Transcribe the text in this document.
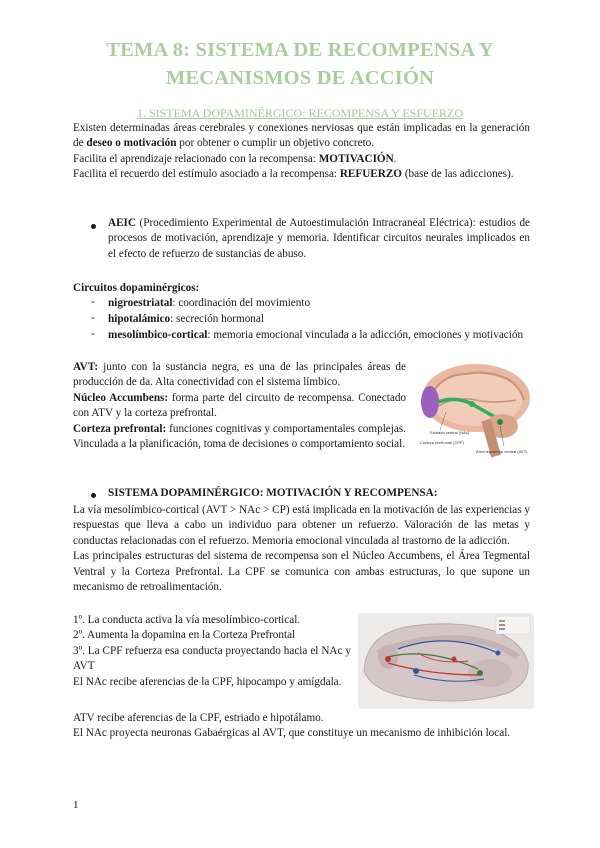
TEMA 8: SISTEMA DE RECOMPENSA Y
MECANISMOS DE ACCIÓN
1. SISTEMA DOPAMINÉRGICO: RECOMPENSA Y ESFUERZO

Existen determinadas áreas cerebrales y conexiones nerviosas que están implicadas en la generación de deseo o motivación por obtener o cumplir un objetivo concreto.

Facilita el aprendizaje relacionado con la recompensa: MOTIVACIÓN.

Facilita el recuerdo del estímulo asociado a la recompensa: REFUERZO (base de las adicciones).

AEIC (Procedimiento Experimental de Autoestimulación Intracraneal Eléctrica): estudios de procesos de motivación, aprendizaje y memoria. Identificar circuitos neurales implicados en el efecto de refuerzo de sustancias de abuso.

Circuitos dopaminérgicos:

- nigroestriatal: coordinación del movimiento

- hipotalámico: secreción hormonal

- mesolímbico-cortical: memoria emocional vinculada a la adicción, emociones y motivación

AVT: junto con la sustancia negra, es una de las principales áreas de producción de da. Alta conectividad con el sistema límbico.

Núcleo Accumbens: forma parte del circuito de recompensa. Conectado con ATV y la corteza prefrontal.

Corteza prefrontal: funciones cognitivas y comportamentales complejas. Vinculada a la planificación, toma de decisiones o comportamiento social.

Estriado ventral (NAc)
Corteza prefrontal (CPF)
Área tegmental ventral (AVT)
SISTEMA DOPAMINÉRGICO: MOTIVACIÓN Y RECOMPENSA:

La vía mesolímbico-cortical (AVT > NAc > CP) está implicada en la motivación de las experiencias y respuestas que lleva a cabo un individuo para obtener un refuerzo. Valoración de las metas y conductas relacionadas con el refuerzo. Memoria emocional vinculada al trastorno de la adicción.

Las principales estructuras del sistema de recompensa son el Núcleo Accumbens, el Área Tegmental Ventral y la Corteza Prefrontal. La CPF se comunica con ambas estructuras, lo que supone un mecanismo de retroalimentación.

1º. La conducta activa la vía mesolímbico-cortical.

2º. Aumenta la dopamina en la Corteza Prefrontal

3º. La CPF refuerza esa conducta proyectando hacia el NAc y AVT

El NAc recibe aferencias de la CPF, hipocampo y amígdala.

ATV recibe aferencias de la CPF, estriado e hipotálamo.

El NAc proyecta neuronas Gabaérgicas al AVT, que constituye un mecanismo de inhibición local.

1
